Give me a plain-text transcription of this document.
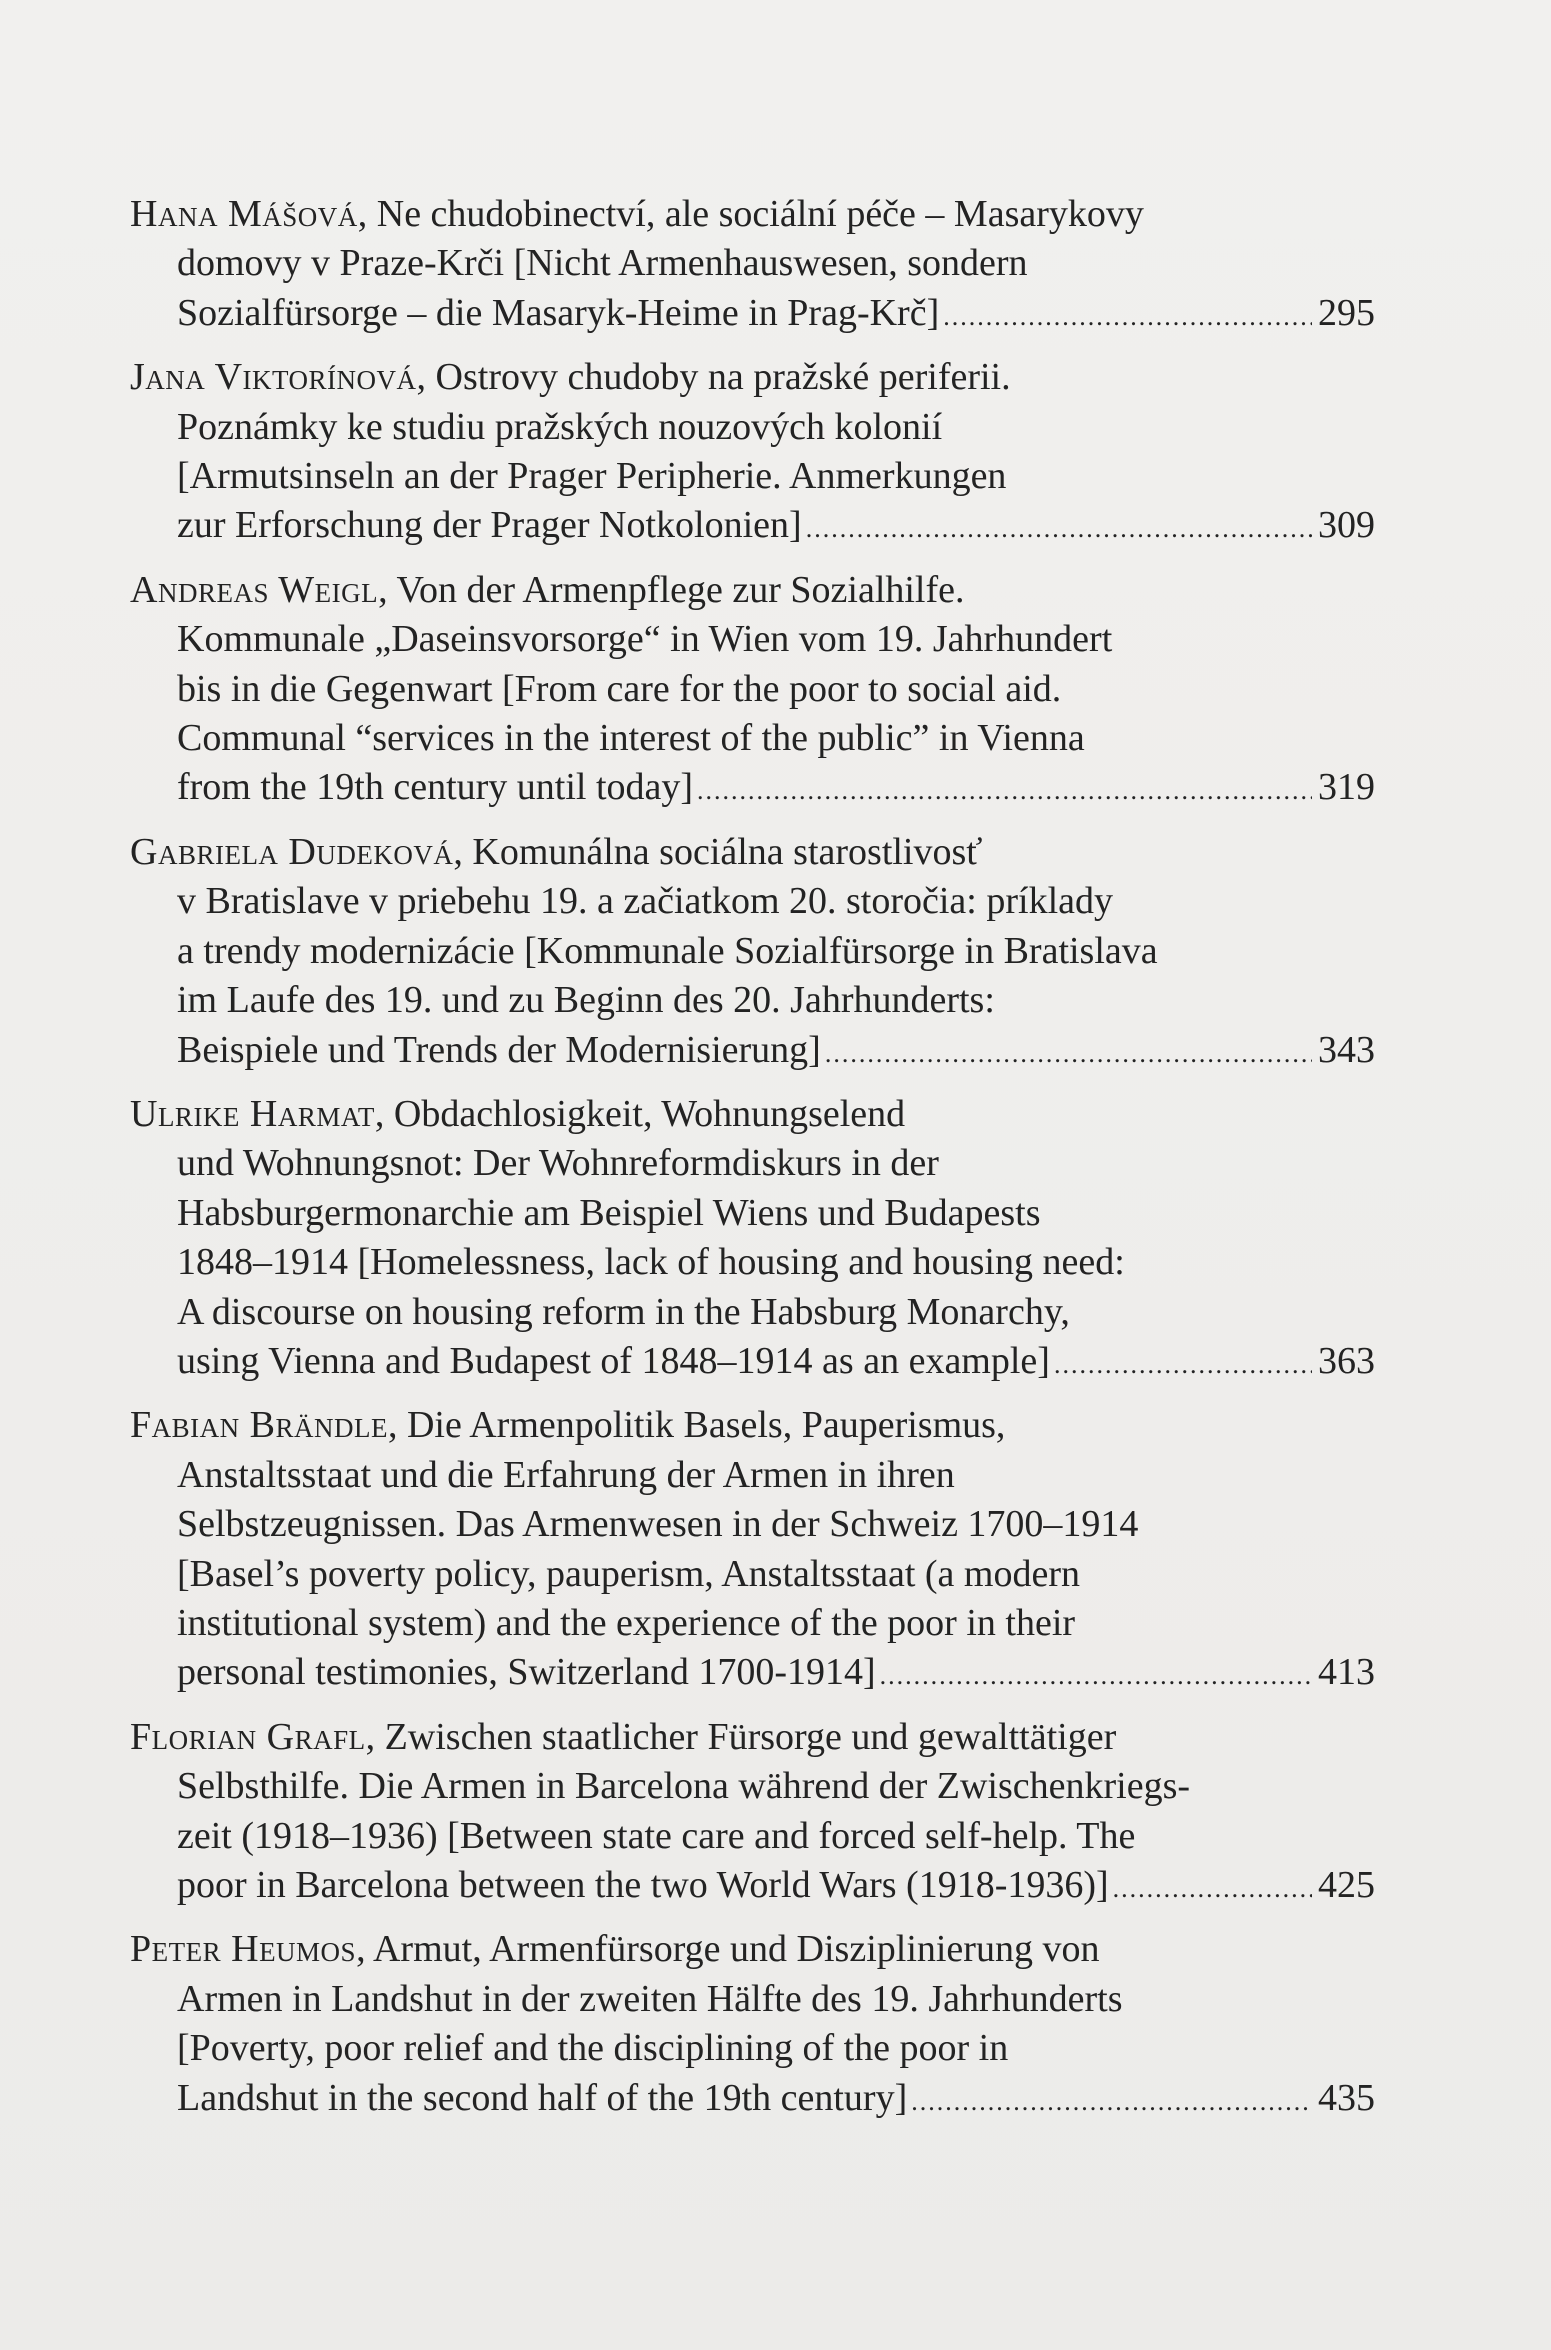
Hana Mášová , Ne chudobinectví, ale sociální péče – Masarykovy
domovy v Praze-Krči [Nicht Armenhauswesen, sondern
Sozialfürsorge – die Masaryk-Heime in Prag-Krč] .....	295
Jana Viktorínová , Ostrovy chudoby na pražské periferii.
Poznámky ke studiu pražských nouzových kolonií
[Armutsinseln an der Prager Peripherie. Anmerkungen
zur Erforschung der Prager Notkolonien] .....	309
Andreas Weigl , Von der Armenpflege zur Sozialhilfe.
Kommunale „Daseinsvorsorge“ in Wien vom 19. Jahrhundert
bis in die Gegenwart [From care for the poor to social aid.
Communal “services in the interest of the public” in Vienna
from the 19th century until today] .....	319
Gabriela Dudeková , Komunálna sociálna starostlivosť
v Bratislave v priebehu 19. a začiatkom 20. storočia: príklady
a trendy modernizácie [Kommunale Sozialfürsorge in Bratislava
im Laufe des 19. und zu Beginn des 20. Jahrhunderts:
Beispiele und Trends der Modernisierung] .....	343
Ulrike Harmat , Obdachlosigkeit, Wohnungselend
und Wohnungsnot: Der Wohnreformdiskurs in der
Habsburgermonarchie am Beispiel Wiens und Budapests
1848–1914 [Homelessness, lack of housing and housing need:
A discourse on housing reform in the Habsburg Monarchy,
using Vienna and Budapest of 1848–1914 as an example] .....	363
Fabian Brändle , Die Armenpolitik Basels, Pauperismus,
Anstaltsstaat und die Erfahrung der Armen in ihren
Selbstzeugnissen. Das Armenwesen in der Schweiz 1700–1914
[Basel’s poverty policy, pauperism, Anstaltsstaat (a modern
institutional system) and the experience of the poor in their
personal testimonies, Switzerland 1700-1914] .....	413
Florian Grafl , Zwischen staatlicher Fürsorge und gewalttätiger
Selbsthilfe. Die Armen in Barcelona während der Zwischenkriegs-
zeit (1918–1936) [Between state care and forced self-help. The
poor in Barcelona between the two World Wars (1918-1936)] .....	425
Peter Heumos , Armut, Armenfürsorge und Disziplinierung von
Armen in Landshut in der zweiten Hälfte des 19. Jahrhunderts
[Poverty, poor relief and the disciplining of the poor in
Landshut in the second half of the 19th century] .....	435
